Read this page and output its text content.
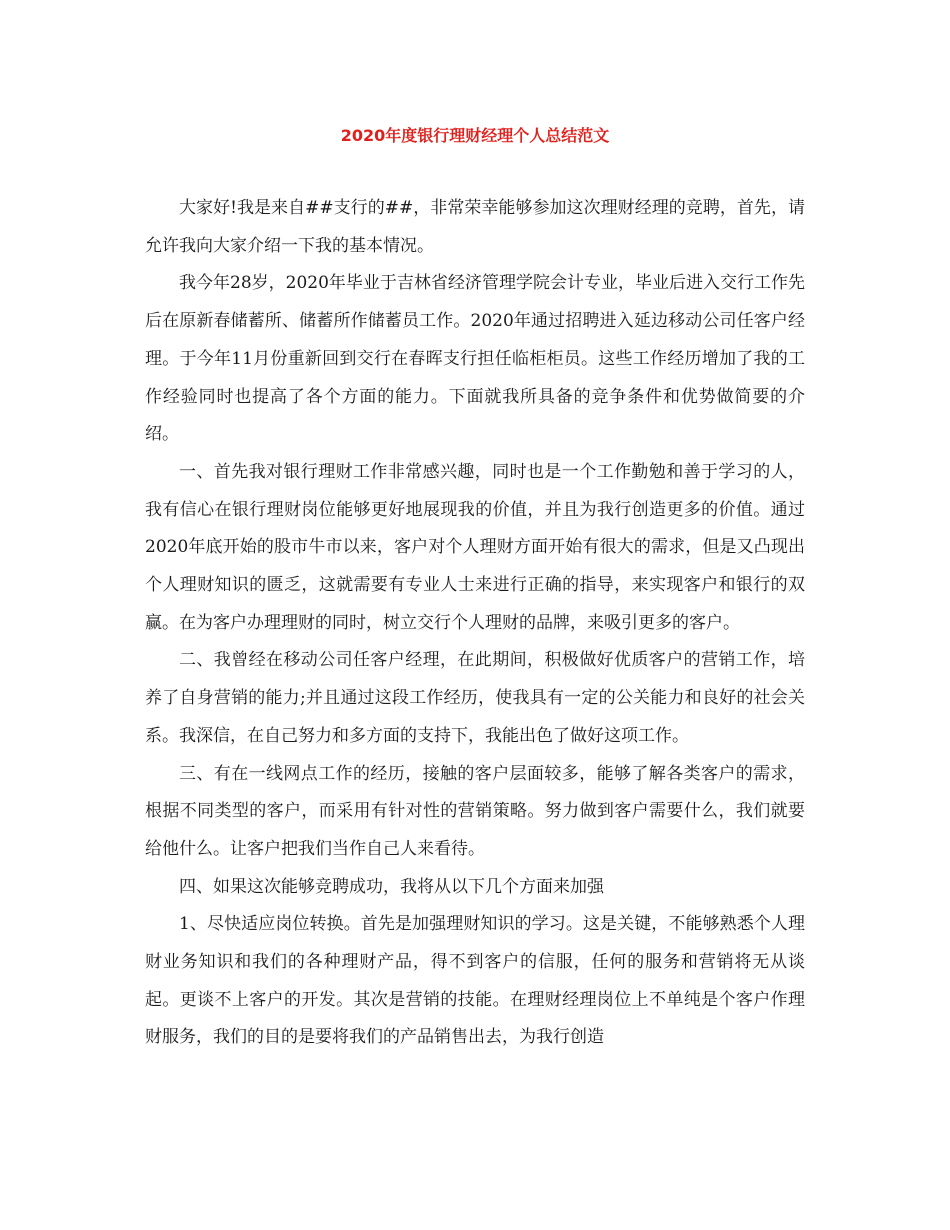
2020年度银行理财经理个人总结范文

大家好!我是来自##支行的##，非常荣幸能够参加这次理财经理的竞聘，首先，请允许我向大家介绍一下我的基本情况。

我今年28岁，2020年毕业于吉林省经济管理学院会计专业，毕业后进入交行工作先后在原新春储蓄所、储蓄所作储蓄员工作。2020年通过招聘进入延边移动公司任客户经理。于今年11月份重新回到交行在春晖支行担任临柜柜员。这些工作经历增加了我的工作经验同时也提高了各个方面的能力。下面就我所具备的竞争条件和优势做简要的介绍。

一、首先我对银行理财工作非常感兴趣，同时也是一个工作勤勉和善于学习的人，我有信心在银行理财岗位能够更好地展现我的价值，并且为我行创造更多的价值。通过2020年底开始的股市牛市以来，客户对个人理财方面开始有很大的需求，但是又凸现出个人理财知识的匮乏，这就需要有专业人士来进行正确的指导，来实现客户和银行的双赢。在为客户办理理财的同时，树立交行个人理财的品牌，来吸引更多的客户。

二、我曾经在移动公司任客户经理，在此期间，积极做好优质客户的营销工作，培养了自身营销的能力;并且通过这段工作经历，使我具有一定的公关能力和良好的社会关系。我深信，在自己努力和多方面的支持下，我能出色了做好这项工作。

三、有在一线网点工作的经历，接触的客户层面较多，能够了解各类客户的需求，根据不同类型的客户，而采用有针对性的营销策略。努力做到客户需要什么，我们就要给他什么。让客户把我们当作自己人来看待。

四、如果这次能够竞聘成功，我将从以下几个方面来加强

1、尽快适应岗位转换。首先是加强理财知识的学习。这是关键，不能够熟悉个人理财业务知识和我们的各种理财产品，得不到客户的信服，任何的服务和营销将无从谈起。更谈不上客户的开发。其次是营销的技能。在理财经理岗位上不单纯是个客户作理财服务，我们的目的是要将我们的产品销售出去，为我行创造
